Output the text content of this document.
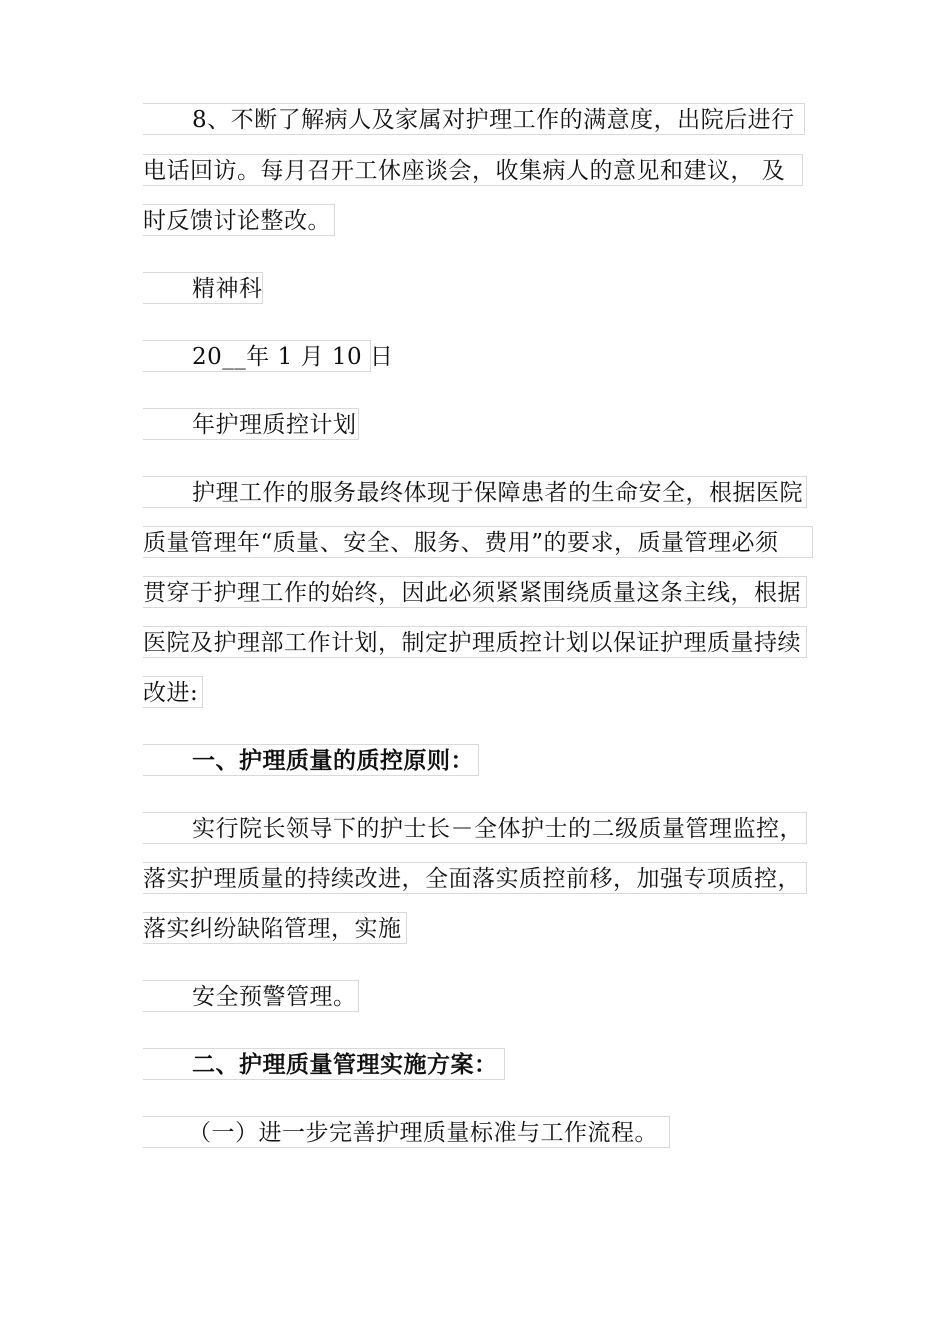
8、不断了解病人及家属对护理工作的满意度，出院后进行
电话回访。每月召开工休座谈会，收集病人的意见和建议， 及
时反馈讨论整改。
精神科
20__年 1 月 10 日
年护理质控计划
护理工作的服务最终体现于保障患者的生命安全，根据医院
质量管理年“质量、安全、服务、费用”的要求，质量管理必须
贯穿于护理工作的始终，因此必须紧紧围绕质量这条主线，根据
医院及护理部工作计划，制定护理质控计划以保证护理质量持续
改进:
一、护理质量的质控原则：
实行院长领导下的护士长－全体护士的二级质量管理监控，
落实护理质量的持续改进，全面落实质控前移，加强专项质控，
落实纠纷缺陷管理，实施
安全预警管理。
二、护理质量管理实施方案：
（一）进一步完善护理质量标准与工作流程。
